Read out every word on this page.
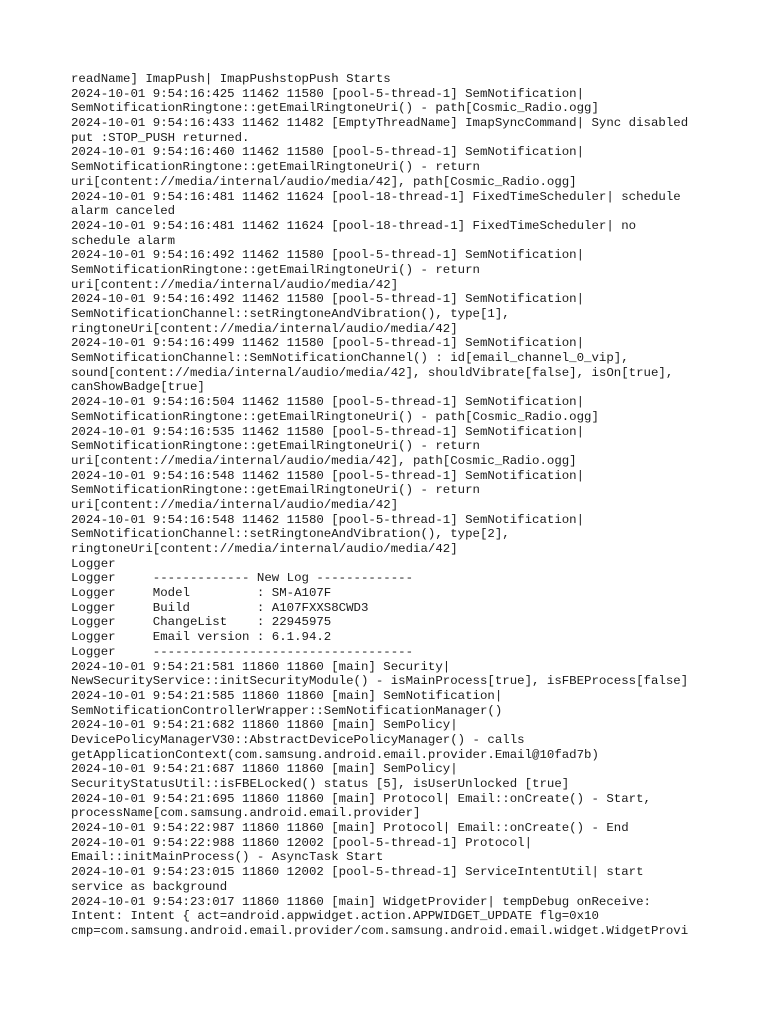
readName] ImapPush| ImapPushstopPush Starts
2024-10-01 9:54:16:425 11462 11580 [pool-5-thread-1] SemNotification|
SemNotificationRingtone::getEmailRingtoneUri() - path[Cosmic_Radio.ogg]
2024-10-01 9:54:16:433 11462 11482 [EmptyThreadName] ImapSyncCommand| Sync disabled
put :STOP_PUSH returned.
2024-10-01 9:54:16:460 11462 11580 [pool-5-thread-1] SemNotification|
SemNotificationRingtone::getEmailRingtoneUri() - return
uri[content://media/internal/audio/media/42], path[Cosmic_Radio.ogg]
2024-10-01 9:54:16:481 11462 11624 [pool-18-thread-1] FixedTimeScheduler| schedule
alarm canceled
2024-10-01 9:54:16:481 11462 11624 [pool-18-thread-1] FixedTimeScheduler| no
schedule alarm
2024-10-01 9:54:16:492 11462 11580 [pool-5-thread-1] SemNotification|
SemNotificationRingtone::getEmailRingtoneUri() - return
uri[content://media/internal/audio/media/42]
2024-10-01 9:54:16:492 11462 11580 [pool-5-thread-1] SemNotification|
SemNotificationChannel::setRingtoneAndVibration(), type[1],
ringtoneUri[content://media/internal/audio/media/42]
2024-10-01 9:54:16:499 11462 11580 [pool-5-thread-1] SemNotification|
SemNotificationChannel::SemNotificationChannel() : id[email_channel_0_vip],
sound[content://media/internal/audio/media/42], shouldVibrate[false], isOn[true],
canShowBadge[true]
2024-10-01 9:54:16:504 11462 11580 [pool-5-thread-1] SemNotification|
SemNotificationRingtone::getEmailRingtoneUri() - path[Cosmic_Radio.ogg]
2024-10-01 9:54:16:535 11462 11580 [pool-5-thread-1] SemNotification|
SemNotificationRingtone::getEmailRingtoneUri() - return
uri[content://media/internal/audio/media/42], path[Cosmic_Radio.ogg]
2024-10-01 9:54:16:548 11462 11580 [pool-5-thread-1] SemNotification|
SemNotificationRingtone::getEmailRingtoneUri() - return
uri[content://media/internal/audio/media/42]
2024-10-01 9:54:16:548 11462 11580 [pool-5-thread-1] SemNotification|
SemNotificationChannel::setRingtoneAndVibration(), type[2],
ringtoneUri[content://media/internal/audio/media/42]
Logger
Logger     ------------- New Log -------------
Logger     Model         : SM-A107F
Logger     Build         : A107FXXS8CWD3
Logger     ChangeList    : 22945975
Logger     Email version : 6.1.94.2
Logger     -----------------------------------
2024-10-01 9:54:21:581 11860 11860 [main] Security|
NewSecurityService::initSecurityModule() - isMainProcess[true], isFBEProcess[false]
2024-10-01 9:54:21:585 11860 11860 [main] SemNotification|
SemNotificationControllerWrapper::SemNotificationManager()
2024-10-01 9:54:21:682 11860 11860 [main] SemPolicy|
DevicePolicyManagerV30::AbstractDevicePolicyManager() - calls
getApplicationContext(com.samsung.android.email.provider.Email@10fad7b)
2024-10-01 9:54:21:687 11860 11860 [main] SemPolicy|
SecurityStatusUtil::isFBELocked() status [5], isUserUnlocked [true]
2024-10-01 9:54:21:695 11860 11860 [main] Protocol| Email::onCreate() - Start,
processName[com.samsung.android.email.provider]
2024-10-01 9:54:22:987 11860 11860 [main] Protocol| Email::onCreate() - End
2024-10-01 9:54:22:988 11860 12002 [pool-5-thread-1] Protocol|
Email::initMainProcess() - AsyncTask Start
2024-10-01 9:54:23:015 11860 12002 [pool-5-thread-1] ServiceIntentUtil| start
service as background
2024-10-01 9:54:23:017 11860 11860 [main] WidgetProvider| tempDebug onReceive:
Intent: Intent { act=android.appwidget.action.APPWIDGET_UPDATE flg=0x10
cmp=com.samsung.android.email.provider/com.samsung.android.email.widget.WidgetProvi
